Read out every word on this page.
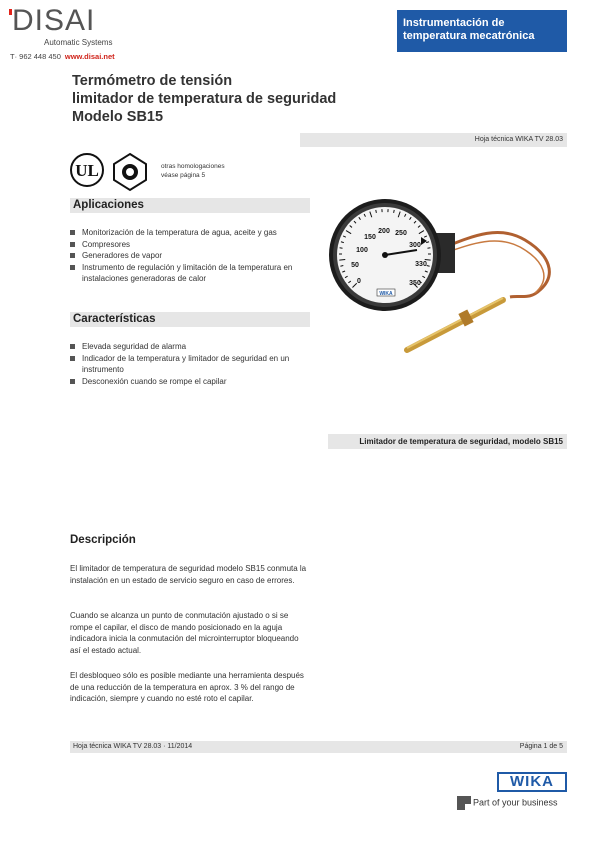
DISAI
Automatic Systems
T· 962 448 450 www.disai.net
Instrumentación de temperatura mecatrónica
Termómetro de tensión
limitador de temperatura de seguridad
Modelo SB15
Hoja técnica WIKA TV 28.03
UL	otras homologaciones
véase página 5
Aplicaciones
Monitorización de la temperatura de agua, aceite y gas
Compresores
Generadores de vapor
Instrumento de regulación y limitación de la temperatura en instalaciones generadoras de calor
Características
Elevada seguridad de alarma
Indicador de la temperatura y limitador de seguridad en un instrumento
Desconexión cuando se rompe el capilar
50
100
150
200 250
300
330
350
0
WIKA
Limitador de temperatura de seguridad, modelo SB15
Descripción
El limitador de temperatura de seguridad modelo SB15 conmuta la instalación en un estado de servicio seguro en caso de errores.
Cuando se alcanza un punto de conmutación ajustado o si se rompe el capilar, el disco de mando posicionado en la aguja indicadora inicia la conmutación del microinterruptor bloqueando así el estado actual.
El desbloqueo sólo es posible mediante una herramienta después de una reducción de la temperatura en aprox. 3 % del rango de indicación, siempre y cuando no esté roto el capilar.
Hoja técnica WIKA TV 28.03 · 11/2014	Página 1 de 5
WIKA
Part of your business
